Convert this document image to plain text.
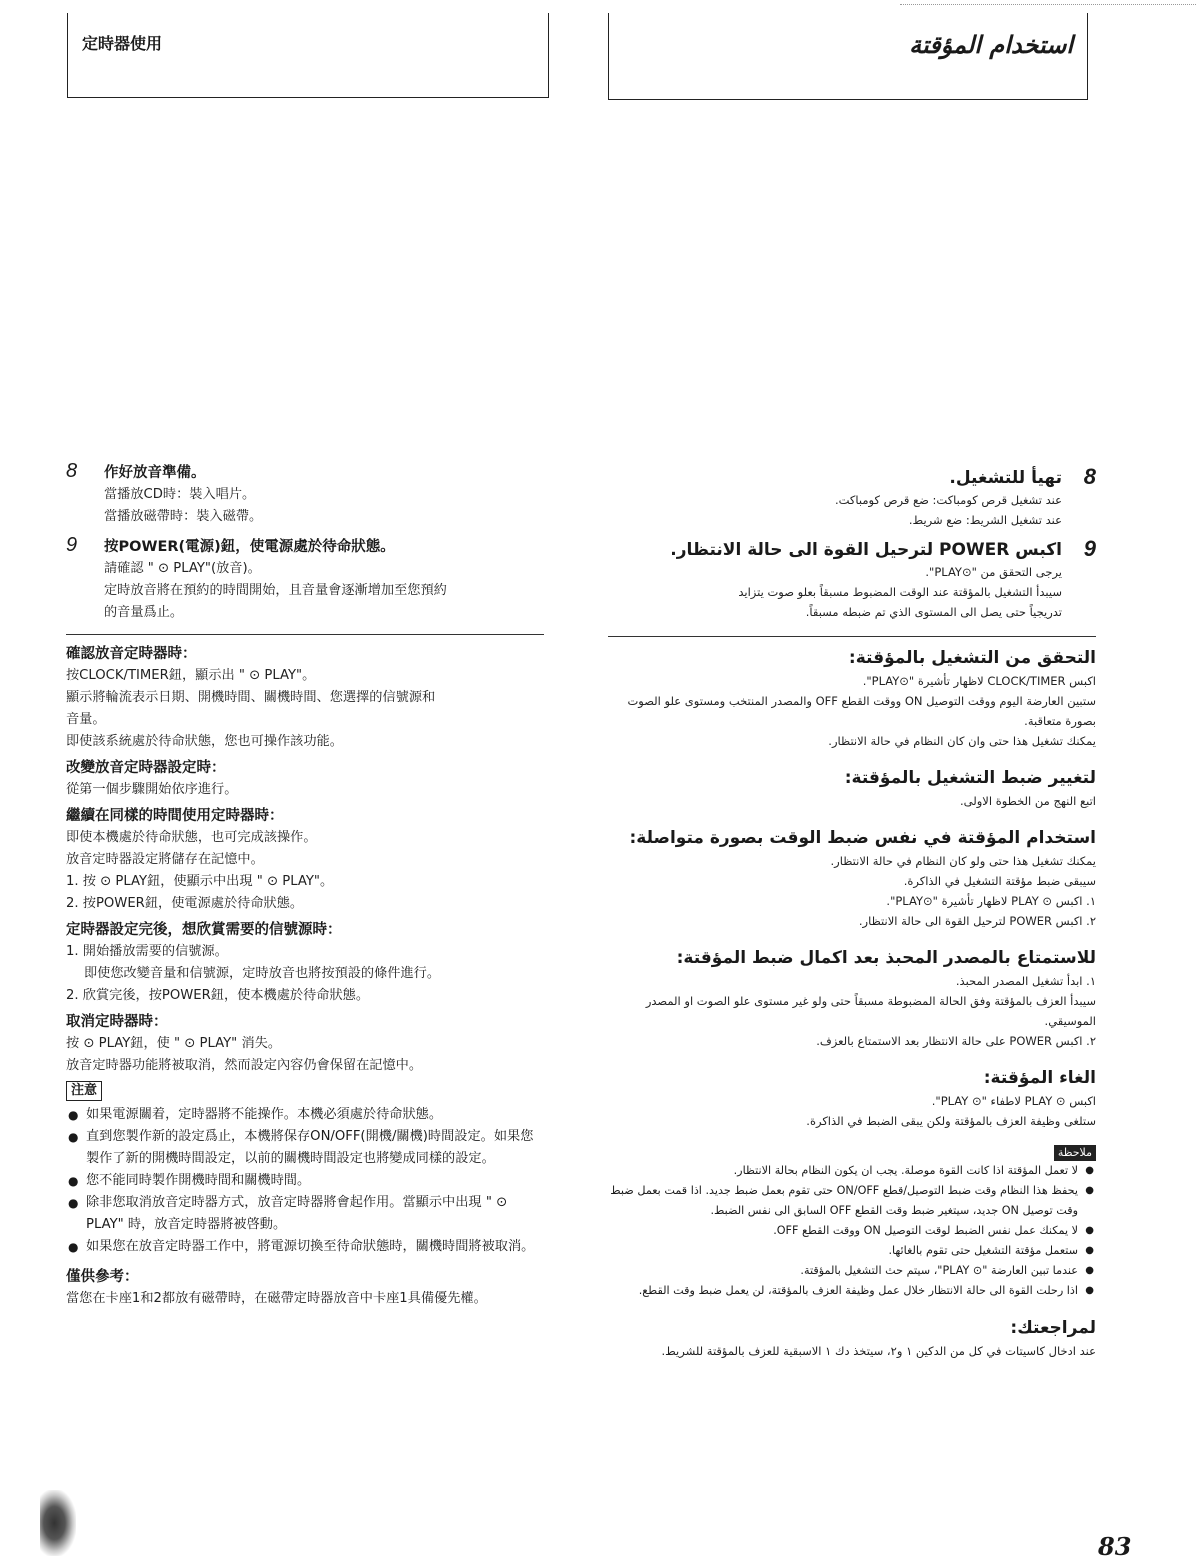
定時器使用	استخدام المؤقتة
8 作好放音準備。
當播放CD時：裝入唱片。
當播放磁帶時：裝入磁帶。
9 按POWER(電源)鈕，使電源處於待命狀態。
請確認 " ⊙ PLAY"(放音)。
定時放音將在預約的時間開始，且音量會逐漸增加至您預約
的音量爲止。
確認放音定時器時：
按CLOCK/TIMER鈕，顯示出 " ⊙ PLAY"。
顯示將輪流表示日期、開機時間、關機時間、您選擇的信號源和
音量。
即使該系統處於待命狀態，您也可操作該功能。
改變放音定時器設定時：
從第一個步驟開始依序進行。
繼續在同樣的時間使用定時器時：
即使本機處於待命狀態，也可完成該操作。
放音定時器設定將儲存在記憶中。
1. 按 ⊙ PLAY鈕，使顯示中出現 " ⊙ PLAY"。
2. 按POWER鈕，使電源處於待命狀態。
定時器設定完後，想欣賞需要的信號源時：
1. 開始播放需要的信號源。
即使您改變音量和信號源，定時放音也將按預設的條件進行。
2. 欣賞完後，按POWER鈕，使本機處於待命狀態。
取消定時器時：
按 ⊙ PLAY鈕，使 " ⊙ PLAY" 消失。
放音定時器功能將被取消，然而設定內容仍會保留在記憶中。
注意
● 如果電源關着，定時器將不能操作。本機必須處於待命狀態。
● 直到您製作新的設定爲止，本機將保存ON/OFF(開機/關機)時間設定。如果您製作了新的開機時間設定，以前的關機時間設定也將變成同樣的設定。
● 您不能同時製作開機時間和關機時間。
● 除非您取消放音定時器方式，放音定時器將會起作用。當顯示中出現 " ⊙ PLAY" 時，放音定時器將被啓動。
● 如果您在放音定時器工作中，將電源切換至待命狀態時，關機時間將被取消。
僅供參考：
當您在卡座1和2都放有磁帶時，在磁帶定時器放音中卡座1具備優先權。
8
تهيأ للتشغيل.
عند تشغيل قرص كومباكت: ضع قرص كومباكت.
عند تشغيل الشريط: ضع شريط.
9
اكبس POWER لترحيل القوة الى حالة الانتظار.
يرجى التحقق من "⊙PLAY".
سيبدأ التشغيل بالمؤقتة عند الوقت المضبوط مسبقاً بعلو صوت يتزايد
تدريجياً حتى يصل الى المستوى الذي تم ضبطه مسبقاً.
التحقق من التشغيل بالمؤقتة:
اكبس CLOCK/TIMER لاظهار تأشيرة "⊙PLAY".
ستبين العارضة اليوم ووقت التوصيل ON ووقت القطع OFF والمصدر المنتخب ومستوى علو الصوت بصورة متعاقبة.
يمكنك تشغيل هذا حتى وان كان النظام في حالة الانتظار.
لتغيير ضبط التشغيل بالمؤقتة:
اتبع النهج من الخطوة الاولى.
استخدام المؤقتة في نفس ضبط الوقت بصورة متواصلة:
يمكنك تشغيل هذا حتى ولو كان النظام في حالة الانتظار.
سيبقى ضبط مؤقتة التشغيل في الذاكرة.
١. اكبس ⊙ PLAY لاظهار تأشيرة "⊙PLAY".
٢. اكبس POWER لترحيل القوة الى حالة الانتظار.
للاستمتاع بالمصدر المحبذ بعد اكمال ضبط المؤقتة:
١. ابدأ تشغيل المصدر المحبذ.
سيبدأ العزف بالمؤقتة وفق الحالة المضبوطة مسبقاً حتى ولو غير مستوى علو الصوت او المصدر الموسيقي.
٢. اكبس POWER على حالة الانتظار بعد الاستمتاع بالعزف.
الغاء المؤقتة:
اكبس ⊙ PLAY لاطفاء "⊙ PLAY".
ستلغى وظيفة العزف بالمؤقتة ولكن يبقى الضبط في الذاكرة.
ملاحظة
● لا تعمل المؤقتة اذا كانت القوة موصلة. يجب ان يكون النظام بحالة الانتظار.
● يحفظ هذا النظام وقت ضبط التوصيل/قطع ON/OFF حتى تقوم بعمل ضبط جديد. اذا قمت بعمل ضبط وقت توصيل ON جديد، سيتغير ضبط وقت القطع OFF السابق الى نفس الضبط.
● لا يمكنك عمل نفس الضبط لوقت التوصيل ON ووقت القطع OFF.
● ستعمل مؤقتة التشغيل حتى تقوم بالغائها.
● عندما تبين العارضة "⊙ PLAY"، سيتم حث التشغيل بالمؤقتة.
● اذا رحلت القوة الى حالة الانتظار خلال عمل وظيفة العزف بالمؤقتة، لن يعمل ضبط وقت القطع.
لمراجعتك:
عند ادخال كاسيتات في كل من الدكين ١ و٢، سيتخذ دك ١ الاسبقية للعزف بالمؤقتة للشريط.
83
